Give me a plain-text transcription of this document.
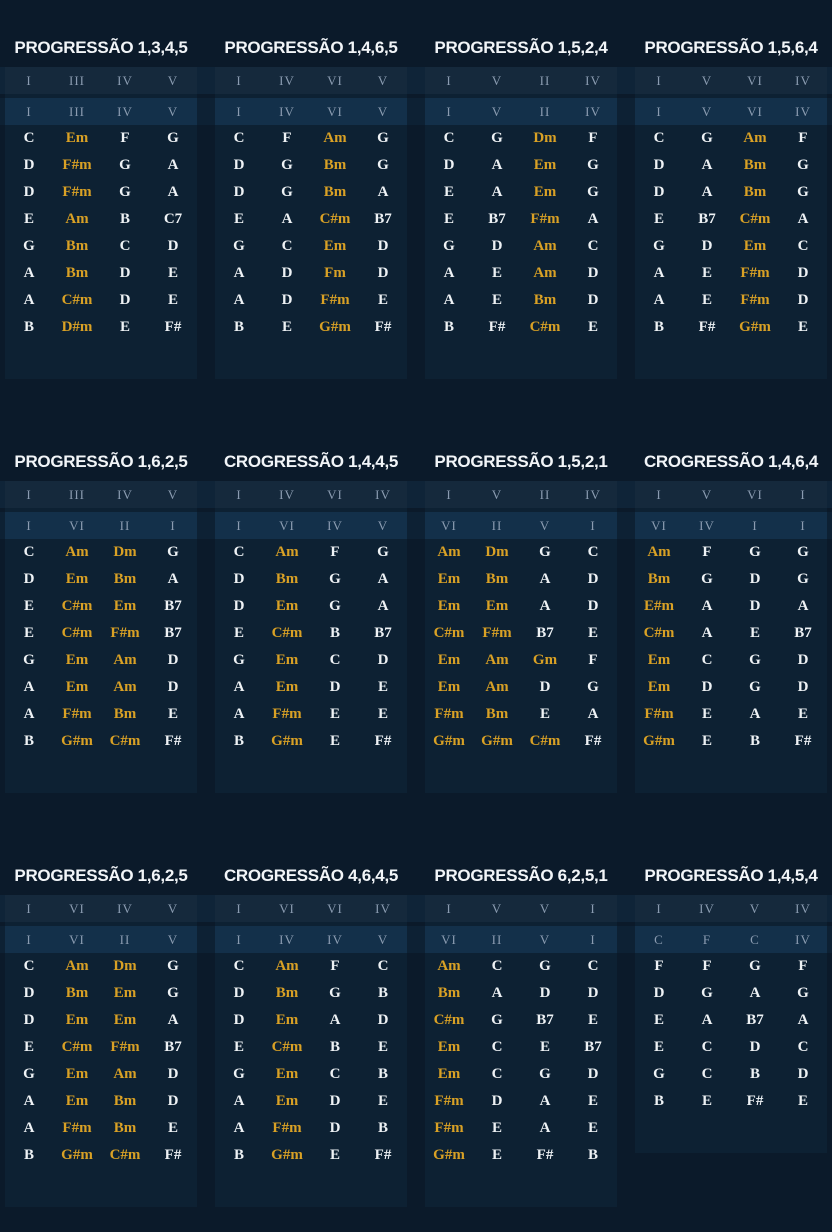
PROGRESSÃO 1,3,4,5
I	III	IV	V
I	III	IV	V
C	Em	F	G
D	F#m	G	A
D	F#m	G	A
E	Am	B	C7
G	Bm	C	D
A	Bm	D	E
A	C#m	D	E
B	D#m	E	F#
PROGRESSÃO 1,4,6,5
I	IV	VI	V
I	IV	VI	V
C	F	Am	G
D	G	Bm	G
D	G	Bm	A
E	A	C#m	B7
G	C	Em	D
A	D	Fm	D
A	D	F#m	E
B	E	G#m	F#
PROGRESSÃO 1,5,2,4
I	V	II	IV
I	V	II	IV
C	G	Dm	F
D	A	Em	G
E	A	Em	G
E	B7	F#m	A
G	D	Am	C
A	E	Am	D
A	E	Bm	D
B	F#	C#m	E
PROGRESSÃO 1,5,6,4
I	V	VI	IV
I	V	VI	IV
C	G	Am	F
D	A	Bm	G
D	A	Bm	G
E	B7	C#m	A
G	D	Em	C
A	E	F#m	D
A	E	F#m	D
B	F#	G#m	E
PROGRESSÃO 1,6,2,5
I	III	IV	V
I	VI	II	I
C	Am	Dm	G
D	Em	Bm	A
E	C#m	Em	B7
E	C#m	F#m	B7
G	Em	Am	D
A	Em	Am	D
A	F#m	Bm	E
B	G#m	C#m	F#
CROGRESSÃO 1,4,4,5
I	IV	VI	IV
I	VI	IV	V
C	Am	F	G
D	Bm	G	A
D	Em	G	A
E	C#m	B	B7
G	Em	C	D
A	Em	D	E
A	F#m	E	E
B	G#m	E	F#
PROGRESSÃO 1,5,2,1
I	V	II	IV
VI	II	V	I
Am	Dm	G	C
Em	Bm	A	D
Em	Em	A	D
C#m	F#m	B7	E
Em	Am	Gm	F
Em	Am	D	G
F#m	Bm	E	A
G#m	G#m	C#m	F#
CROGRESSÃO 1,4,6,4
I	V	VI	I
VI	IV	I	I
Am	F	G	G
Bm	G	D	G
E#m	A	D	A
C#m	A	E	B7
Em	C	G	D
Em	D	G	D
F#m	E	A	E
G#m	E	B	F#
PROGRESSÃO 1,6,2,5
I	VI	IV	V
I	VI	II	V
C	Am	Dm	G
D	Bm	Em	G
D	Em	Em	A
E	C#m	F#m	B7
G	Em	Am	D
A	Em	Bm	D
A	F#m	Bm	E
B	G#m	C#m	F#
CROGRESSÃO 4,6,4,5
I	VI	VI	IV
I	IV	IV	V
C	Am	F	C
D	Bm	G	B
D	Em	A	D
E	C#m	B	E
G	Em	C	B
A	Em	D	E
A	F#m	D	B
B	G#m	E	F#
PROGRESSÃO 6,2,5,1
I	V	V	I
VI	II	V	I
Am	C	G	C
Bm	A	D	D
C#m	G	B7	E
Em	C	E	B7
Em	C	G	D
F#m	D	A	E
F#m	E	A	E
G#m	E	F#	B
PROGRESSÃO 1,4,5,4
I	IV	V	IV
C	F	C	IV
F	F	G	F
D	G	A	G
E	A	B7	A
E	C	D	C
G	C	B	D
B	E	F#	E
